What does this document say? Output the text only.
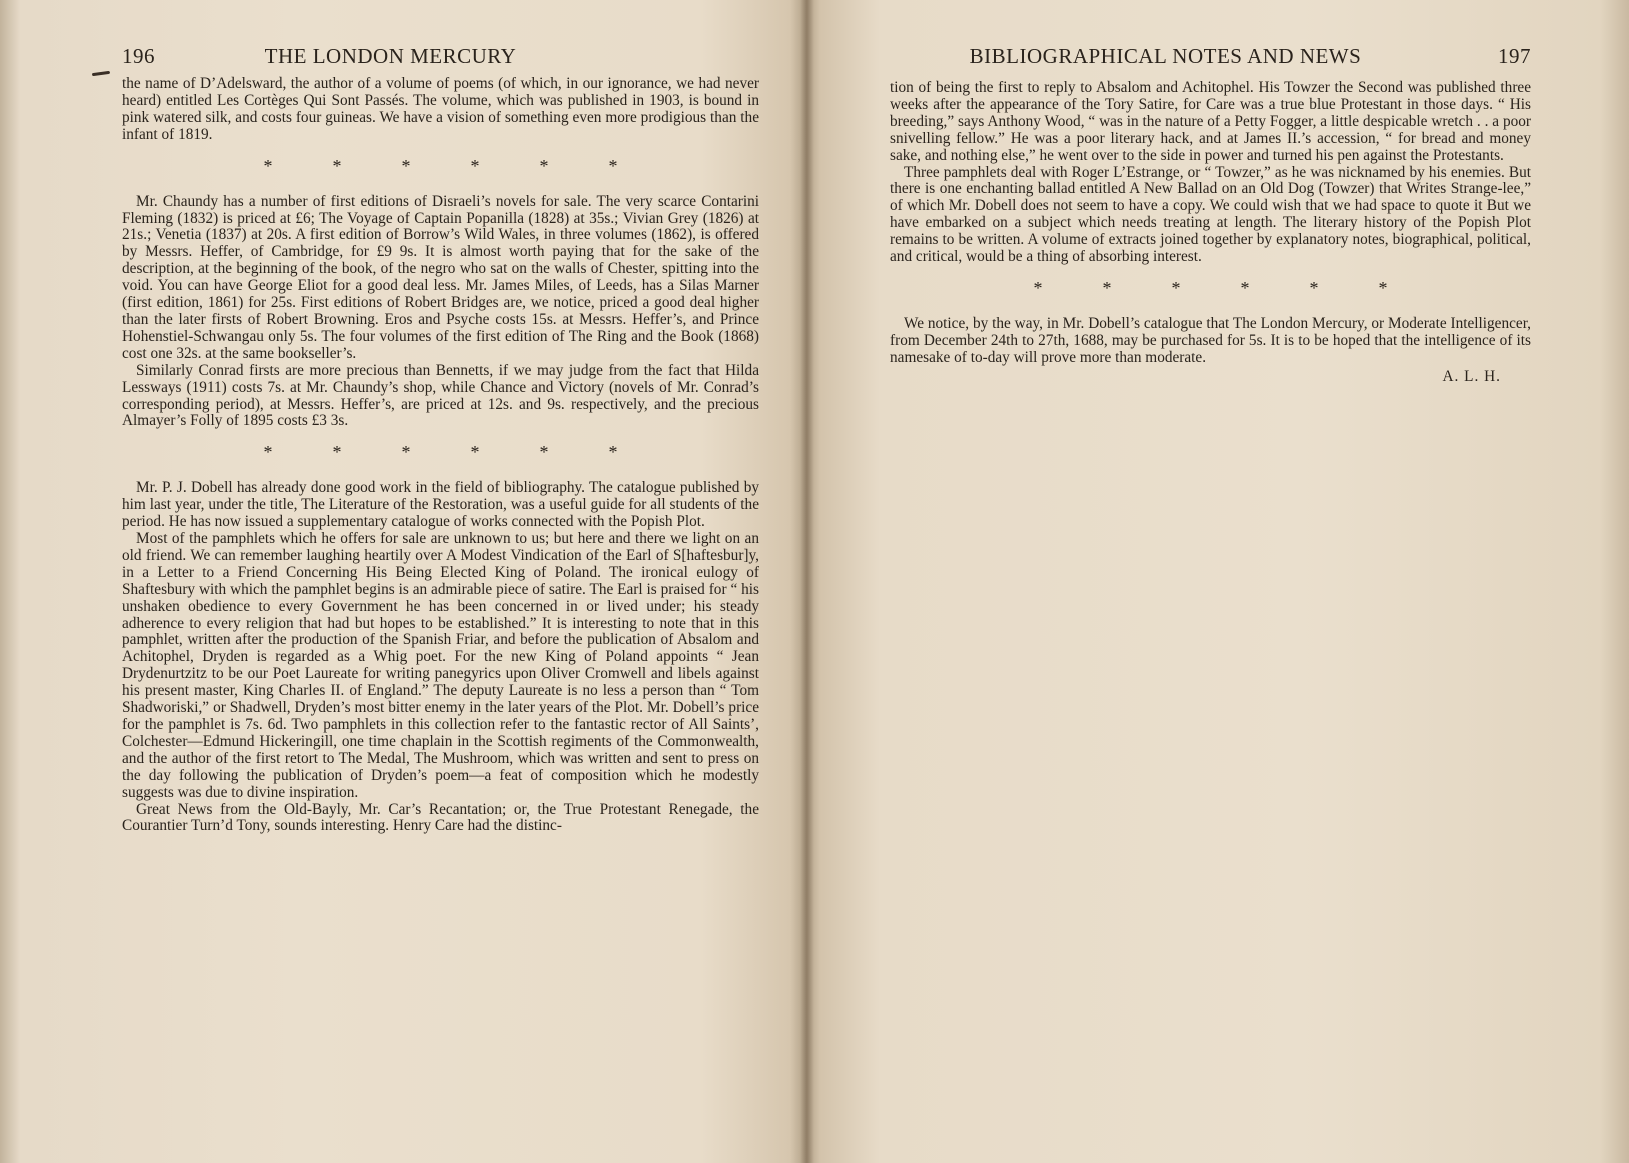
196	THE LONDON MERCURY

the name of D’Adelsward, the author of a volume of poems (of which, in our ignorance, we had never heard) entitled Les Cortèges Qui Sont Passés. The volume, which was published in 1903, is bound in pink watered silk, and costs four guineas. We have a vision of something even more prodigious than the infant of 1819.

*	*	*	*	*	*

Mr. Chaundy has a number of first editions of Disraeli’s novels for sale. The very scarce Contarini Fleming (1832) is priced at £6; The Voyage of Captain Popanilla (1828) at 35s.; Vivian Grey (1826) at 21s.; Venetia (1837) at 20s. A first edition of Borrow’s Wild Wales, in three volumes (1862), is offered by Messrs. Heffer, of Cambridge, for £9 9s. It is almost worth paying that for the sake of the description, at the beginning of the book, of the negro who sat on the walls of Chester, spitting into the void. You can have George Eliot for a good deal less. Mr. James Miles, of Leeds, has a Silas Marner (first edition, 1861) for 25s. First editions of Robert Bridges are, we notice, priced a good deal higher than the later firsts of Robert Browning. Eros and Psyche costs 15s. at Messrs. Heffer’s, and Prince Hohenstiel-Schwangau only 5s. The four volumes of the first edition of The Ring and the Book (1868) cost one 32s. at the same bookseller’s.

Similarly Conrad firsts are more precious than Bennetts, if we may judge from the fact that Hilda Lessways (1911) costs 7s. at Mr. Chaundy’s shop, while Chance and Victory (novels of Mr. Conrad’s corresponding period), at Messrs. Heffer’s, are priced at 12s. and 9s. respectively, and the precious Almayer’s Folly of 1895 costs £3 3s.

*	*	*	*	*	*

Mr. P. J. Dobell has already done good work in the field of bibliography. The catalogue published by him last year, under the title, The Literature of the Restoration, was a useful guide for all students of the period. He has now issued a supplementary catalogue of works connected with the Popish Plot.

Most of the pamphlets which he offers for sale are unknown to us; but here and there we light on an old friend. We can remember laughing heartily over A Modest Vindication of the Earl of S[haftesbur]y, in a Letter to a Friend Concerning His Being Elected King of Poland. The ironical eulogy of Shaftesbury with which the pamphlet begins is an admirable piece of satire. The Earl is praised for “ his unshaken obedience to every Government he has been concerned in or lived under; his steady adherence to every religion that had but hopes to be established.” It is interesting to note that in this pamphlet, written after the production of the Spanish Friar, and before the publication of Absalom and Achitophel, Dryden is regarded as a Whig poet. For the new King of Poland appoints “ Jean Drydenurtzitz to be our Poet Laureate for writing panegyrics upon Oliver Cromwell and libels against his present master, King Charles II. of England.” The deputy Laureate is no less a person than “ Tom Shadworiski,” or Shadwell, Dryden’s most bitter enemy in the later years of the Plot. Mr. Dobell’s price for the pamphlet is 7s. 6d. Two pamphlets in this collection refer to the fantastic rector of All Saints’, Colchester—Edmund Hickeringill, one time chaplain in the Scottish regiments of the Commonwealth, and the author of the first retort to The Medal, The Mushroom, which was written and sent to press on the day following the publication of Dryden’s poem—a feat of composition which he modestly suggests was due to divine inspiration.

Great News from the Old-Bayly, Mr. Car’s Recantation; or, the True Protestant Renegade, the Courantier Turn’d Tony, sounds interesting. Henry Care had the distinc-

BIBLIOGRAPHICAL NOTES AND NEWS	197

tion of being the first to reply to Absalom and Achitophel. His Towzer the Second was published three weeks after the appearance of the Tory Satire, for Care was a true blue Protestant in those days. “ His breeding,” says Anthony Wood, “ was in the nature of a Petty Fogger, a little despicable wretch . . a poor snivelling fellow.” He was a poor literary hack, and at James II.’s accession, “ for bread and money sake, and nothing else,” he went over to the side in power and turned his pen against the Protestants.

Three pamphlets deal with Roger L’Estrange, or “ Towzer,” as he was nicknamed by his enemies. But there is one enchanting ballad entitled A New Ballad on an Old Dog (Towzer) that Writes Strange-lee,” of which Mr. Dobell does not seem to have a copy. We could wish that we had space to quote it But we have embarked on a subject which needs treating at length. The literary history of the Popish Plot remains to be written. A volume of extracts joined together by explanatory notes, biographical, political, and critical, would be a thing of absorbing interest.

*	*	*	*	*	*

We notice, by the way, in Mr. Dobell’s catalogue that The London Mercury, or Moderate Intelligencer, from December 24th to 27th, 1688, may be purchased for 5s. It is to be hoped that the intelligence of its namesake of to-day will prove more than moderate.

A. L. H.
